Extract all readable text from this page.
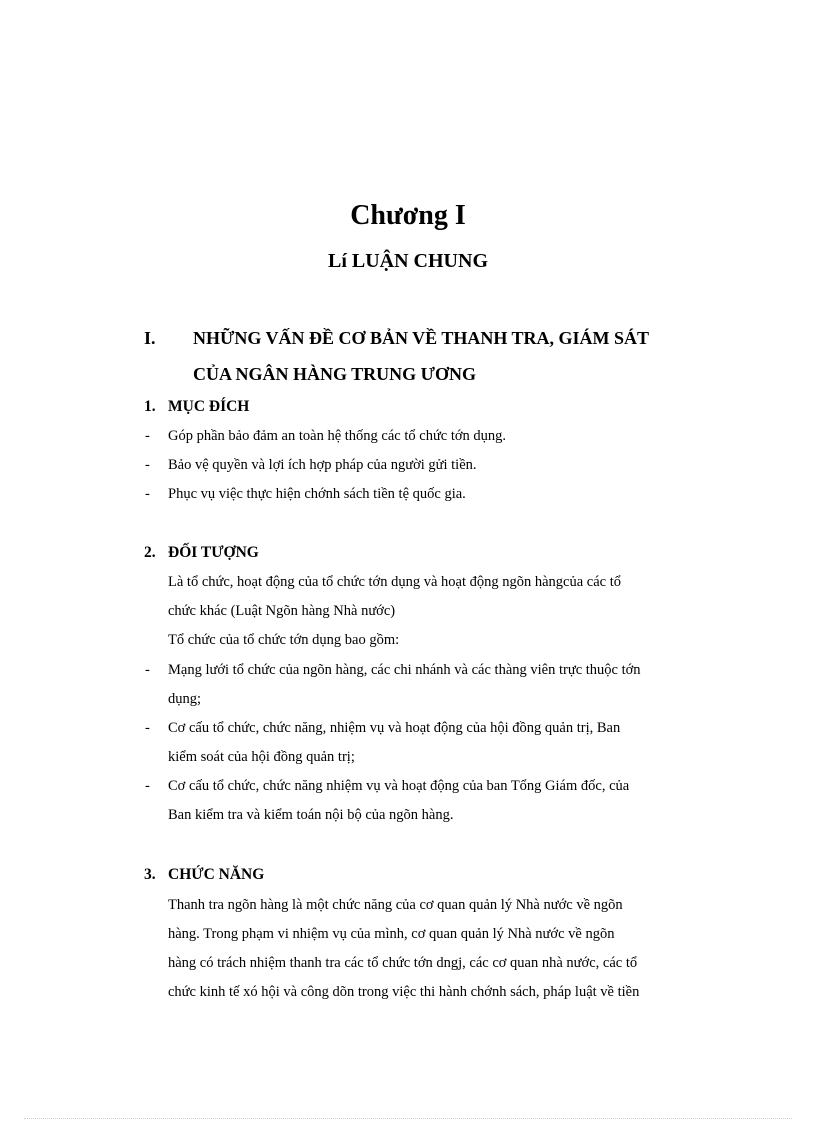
Chương I
Lí LUẬN CHUNG
I. NHỮNG VẤN ĐỀ CƠ BẢN VỀ THANH TRA, GIÁM SÁT
CỦA NGÂN HÀNG TRUNG ƯƠNG
1. MỤC ĐÍCH
- Góp phần bảo đảm an toàn hệ thống các tổ chức tớn dụng.
- Bảo vệ quyền và lợi ích hợp pháp của người gửi tiền.
- Phục vụ việc thực hiện chớnh sách tiền tệ quốc gia.
2. ĐỐI TƯỢNG
Là tổ chức, hoạt động của tổ chức tớn dụng và hoạt động ngõn hàngcủa các tổ
chức khác (Luật Ngõn hàng Nhà nước)
Tổ chức của tổ chức tớn dụng bao gồm:
- Mạng lưới tổ chức của ngõn hàng, các chi nhánh và các thàng viên trực thuộc tớn
dụng;
- Cơ cấu tổ chức, chức năng, nhiệm vụ và hoạt động của hội đồng quản trị, Ban
kiểm soát của hội đồng quản trị;
- Cơ cấu tổ chức, chức năng nhiệm vụ và hoạt động của ban Tổng Giám đốc, của
Ban kiểm tra và kiểm toán nội bộ của ngõn hàng.
3. CHỨC NĂNG
Thanh tra ngõn hàng là một chức năng của cơ quan quản lý Nhà nước về ngõn
hàng. Trong phạm vi nhiệm vụ của mình, cơ quan quản lý Nhà nước về ngõn
hàng có trách nhiệm thanh tra các tổ chức tớn dngj, các cơ quan nhà nước, các tổ
chức kinh tế xó hội và công dõn trong việc thi hành chớnh sách, pháp luật về tiền
